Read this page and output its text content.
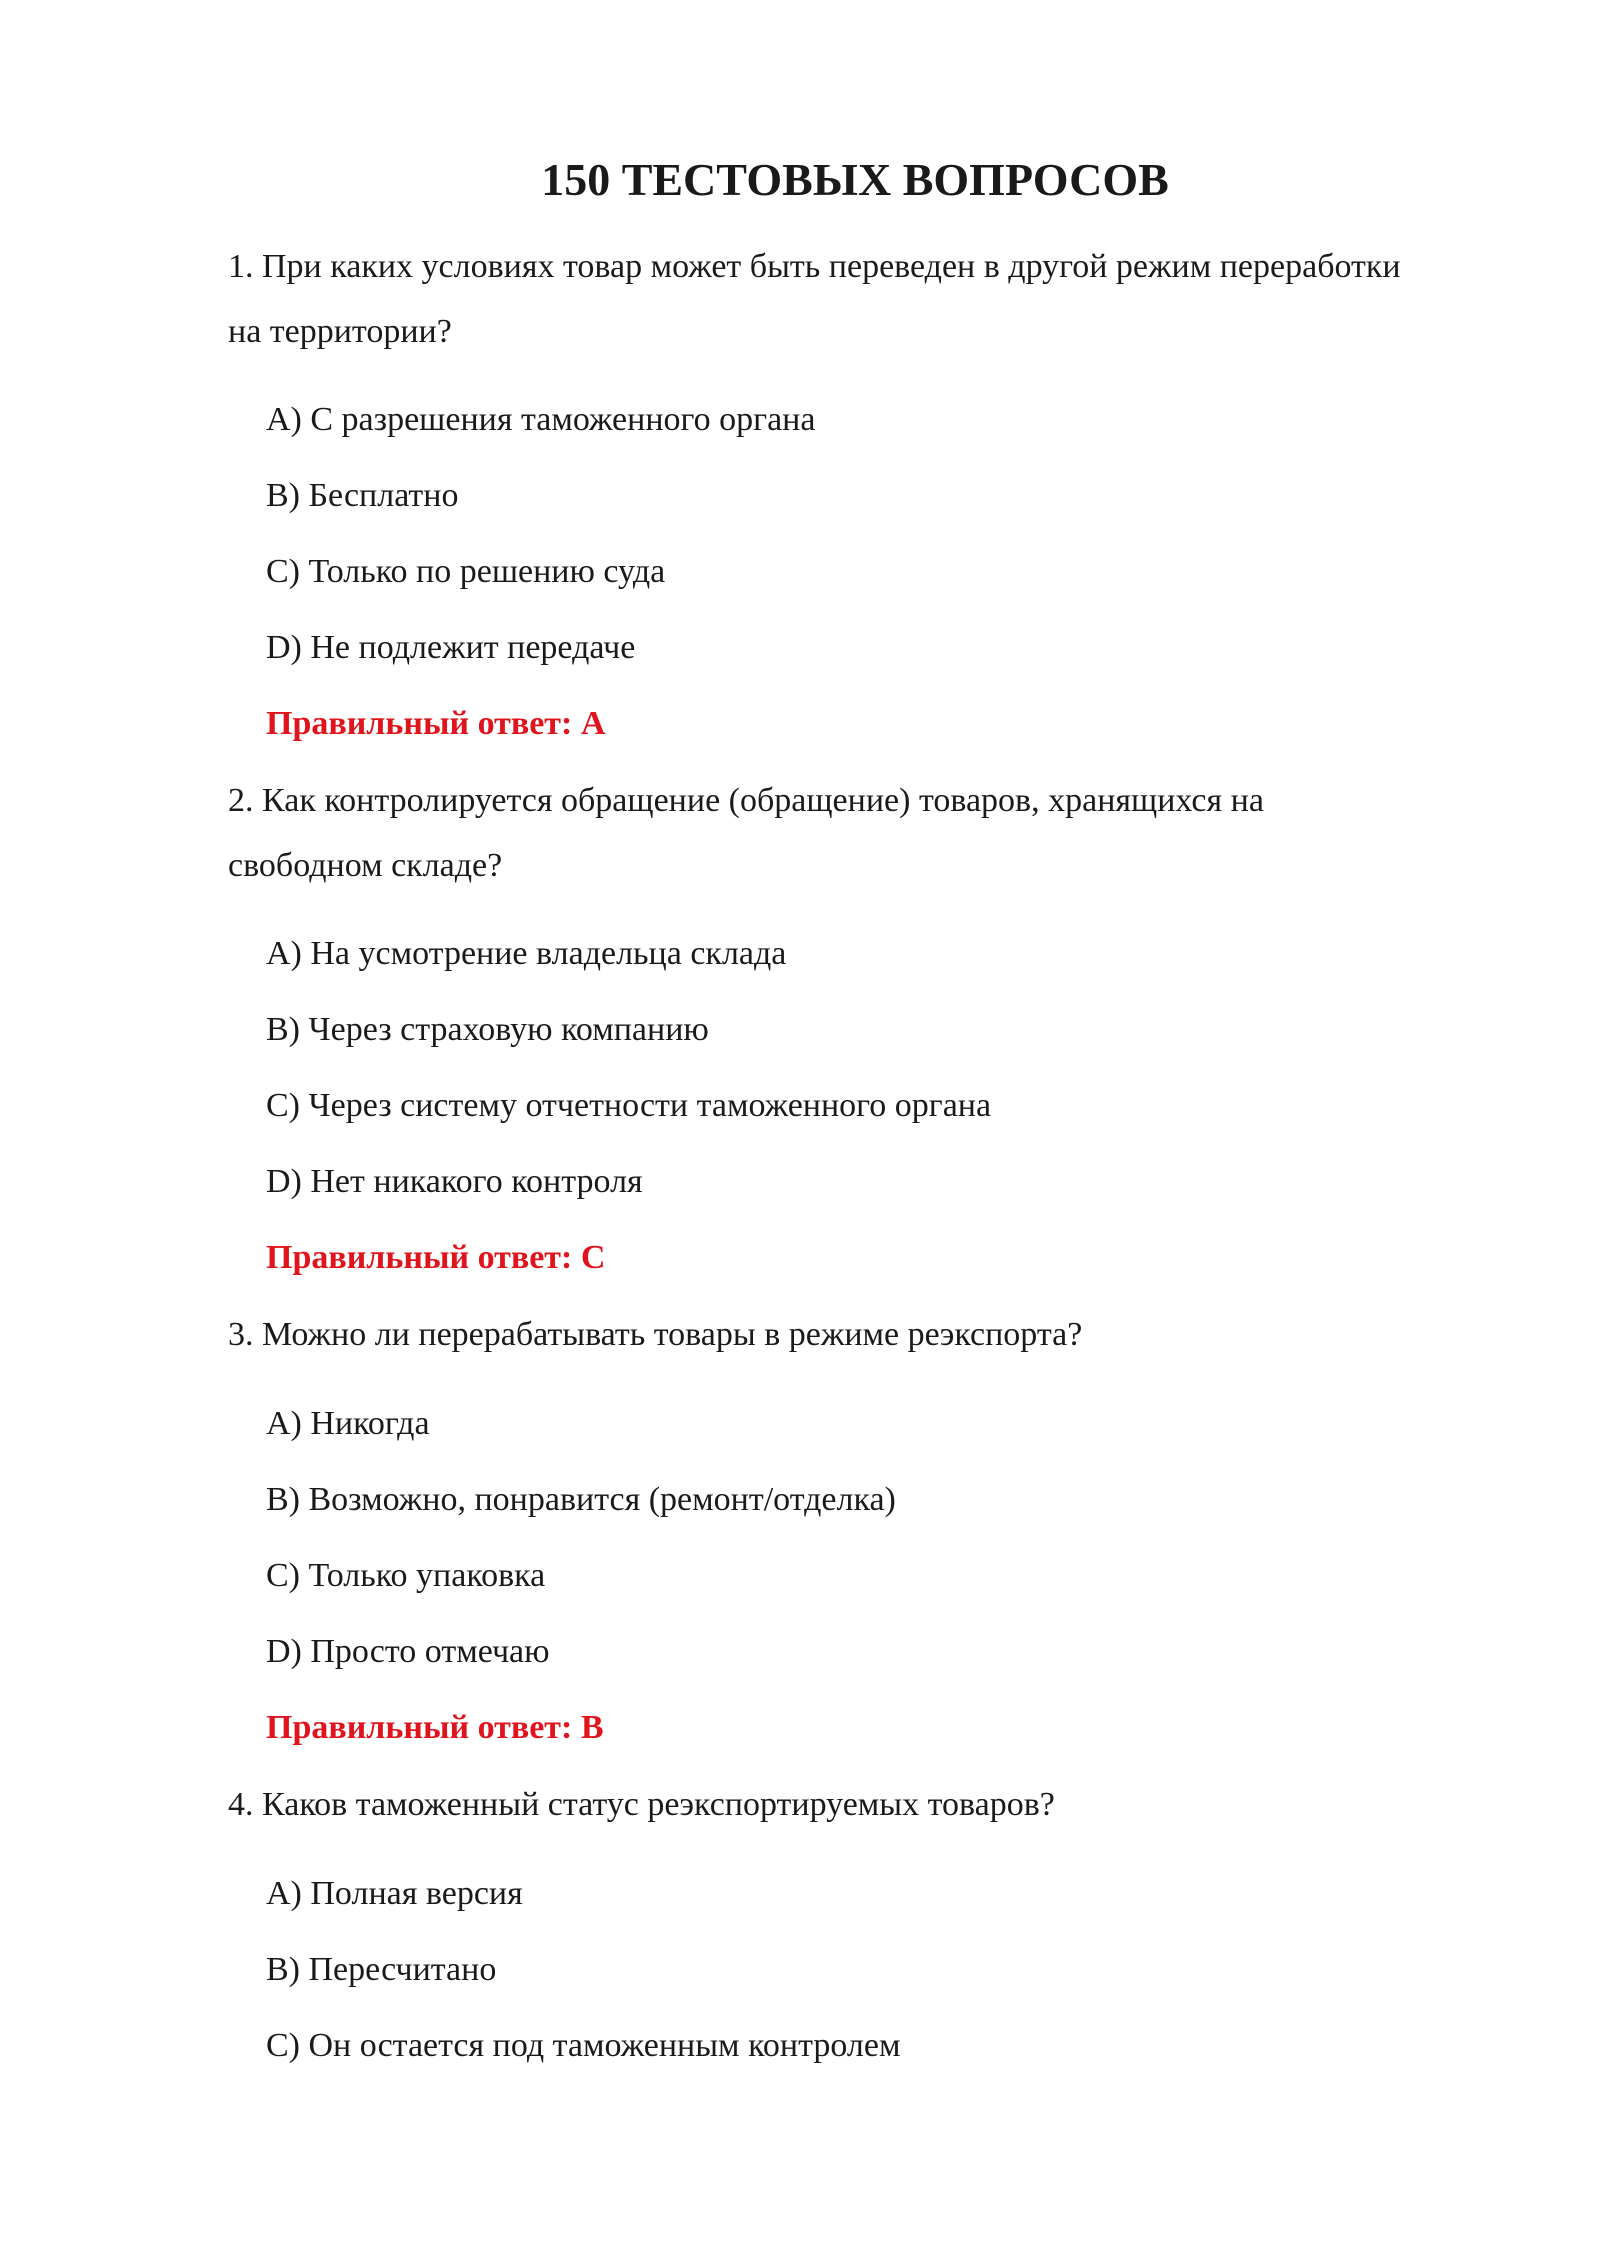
150 ТЕСТОВЫХ ВОПРОСОВ

1. При каких условиях товар может быть переведен в другой режим переработки на территории?

A) С разрешения таможенного органа

B) Бесплатно

C) Только по решению суда

D) Не подлежит передаче

Правильный ответ: A

2. Как контролируется обращение (обращение) товаров, хранящихся на свободном складе?

A) На усмотрение владельца склада

B) Через страховую компанию

C) Через систему отчетности таможенного органа

D) Нет никакого контроля

Правильный ответ: C

3. Можно ли перерабатывать товары в режиме реэкспорта?

A) Никогда

B) Возможно, понравится (ремонт/отделка)

C) Только упаковка

D) Просто отмечаю

Правильный ответ: B

4. Каков таможенный статус реэкспортируемых товаров?

A) Полная версия

B) Пересчитано

C) Он остается под таможенным контролем
